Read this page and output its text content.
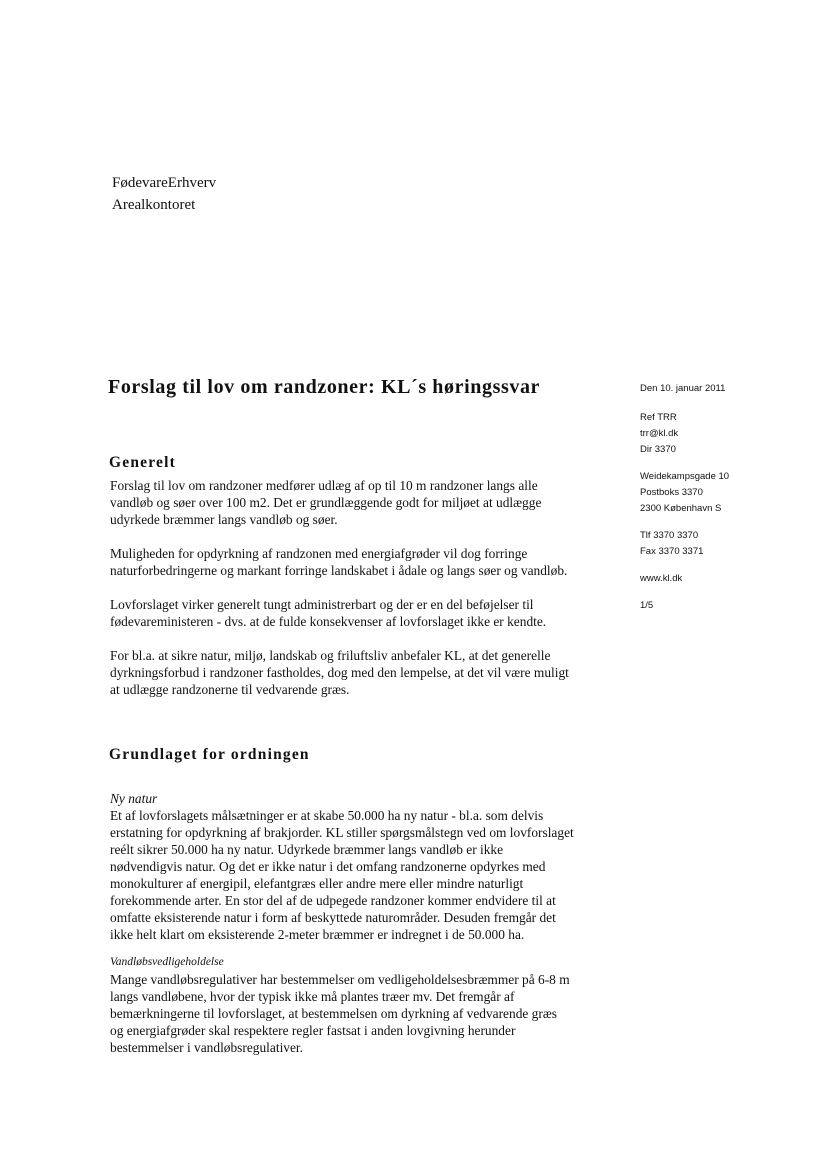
FødevareErhverv
Arealkontoret
Forslag til lov om randzoner: KL´s høringssvar	Den 10. januar 2011
Ref TRR
trr@kl.dk
Dir 3370
Weidekampsgade 10
Postboks 3370
2300 København S
Tlf 3370 3370
Fax 3370 3371
www.kl.dk
1/5
Generelt
Forslag til lov om randzoner medfører udlæg af op til 10 m randzoner langs alle
vandløb og søer over 100 m2. Det er grundlæggende godt for miljøet at udlægge
udyrkede bræmmer langs vandløb og søer.
Muligheden for opdyrkning af randzonen med energiafgrøder vil dog forringe
naturforbedringerne og markant forringe landskabet i ådale og langs søer og vandløb.
Lovforslaget virker generelt tungt administrerbart og der er en del beføjelser til
fødevareministeren - dvs. at de fulde konsekvenser af lovforslaget ikke er kendte.
For bl.a. at sikre natur, miljø, landskab og friluftsliv anbefaler KL, at det generelle
dyrkningsforbud i randzoner fastholdes, dog med den lempelse, at det vil være muligt
at udlægge randzonerne til vedvarende græs.
Grundlaget for ordningen
Ny natur
Et af lovforslagets målsætninger er at skabe 50.000 ha ny natur - bl.a. som delvis
erstatning for opdyrkning af brakjorder. KL stiller spørgsmålstegn ved om lovforslaget
reélt sikrer 50.000 ha ny natur. Udyrkede bræmmer langs vandløb er ikke
nødvendigvis natur. Og det er ikke natur i det omfang randzonerne opdyrkes med
monokulturer af energipil, elefantgræs eller andre mere eller mindre naturligt
forekommende arter. En stor del af de udpegede randzoner kommer endvidere til at
omfatte eksisterende natur i form af beskyttede naturområder. Desuden fremgår det
ikke helt klart om eksisterende 2-meter bræmmer er indregnet i de 50.000 ha.
Vandløbsvedligeholdelse
Mange vandløbsregulativer har bestemmelser om vedligeholdelsesbræmmer på 6-8 m
langs vandløbene, hvor der typisk ikke må plantes træer mv. Det fremgår af
bemærkningerne til lovforslaget, at bestemmelsen om dyrkning af vedvarende græs
og energiafgrøder skal respektere regler fastsat i anden lovgivning herunder
bestemmelser i vandløbsregulativer.
